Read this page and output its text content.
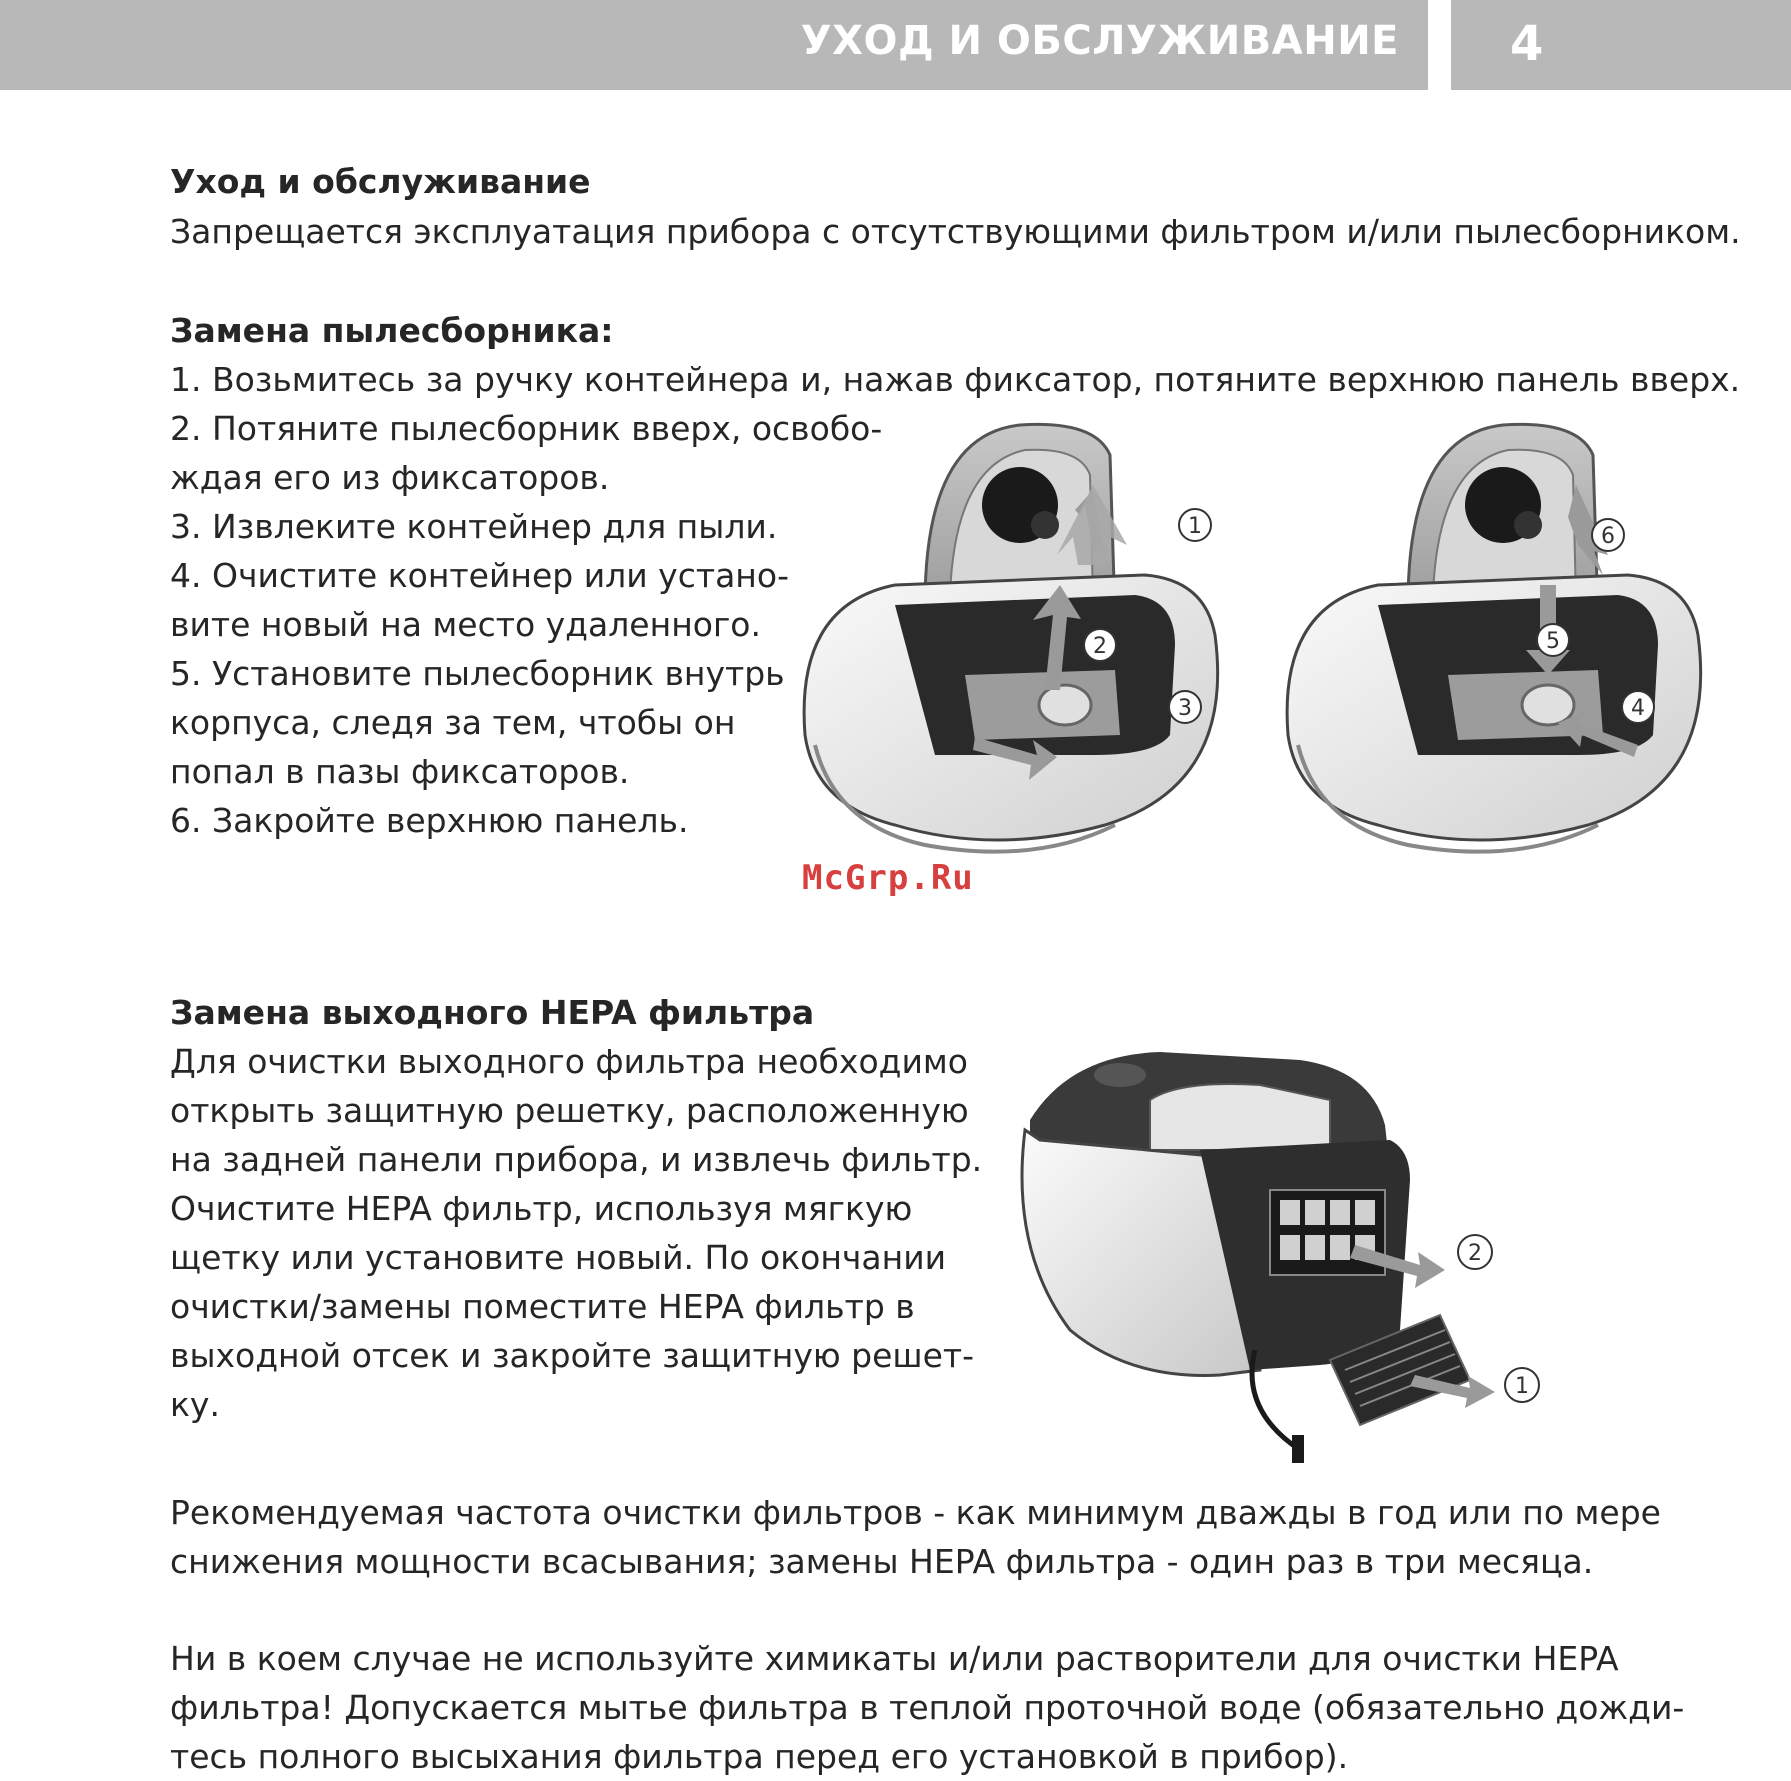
УХОД И ОБСЛУЖИВАНИЕ 4

Уход и обслуживание

Запрещается эксплуатация прибора с отсутствующими фильтром и/или пылесборником.

Замена пылесборника:

1. Возьмитесь за ручку контейнера и, нажав фиксатор, потяните верхнюю панель вверх.

2. Потяните пылесборник вверх, освобо-

ждая его из фиксаторов.

3. Извлеките контейнер для пыли.

4. Очистите контейнер или устано-

вите новый на место удаленного.

5. Установите пылесборник внутрь

корпуса, следя за тем, чтобы он

попал в пазы фиксаторов.

6. Закройте верхнюю панель.

1
2
3
6
5
4
McGrp.Ru

Замена выходного HEPA фильтра

Для очистки выходного фильтра необходимо

открыть защитную решетку, расположенную

на задней панели прибора, и извлечь фильтр.

Очистите HEPA фильтр, используя мягкую

щетку или установите новый. По окончании

очистки/замены поместите HEPA фильтр в

выходной отсек и закройте защитную решет-

ку.

2
1

Рекомендуемая частота очистки фильтров - как минимум дважды в год или по мере

снижения мощности всасывания; замены HEPA фильтра - один раз в три месяца.

Ни в коем случае не используйте химикаты и/или растворители для очистки HEPA

фильтра! Допускается мытье фильтра в теплой проточной воде (обязательно дожди-

тесь полного высыхания фильтра перед его установкой в прибор).
